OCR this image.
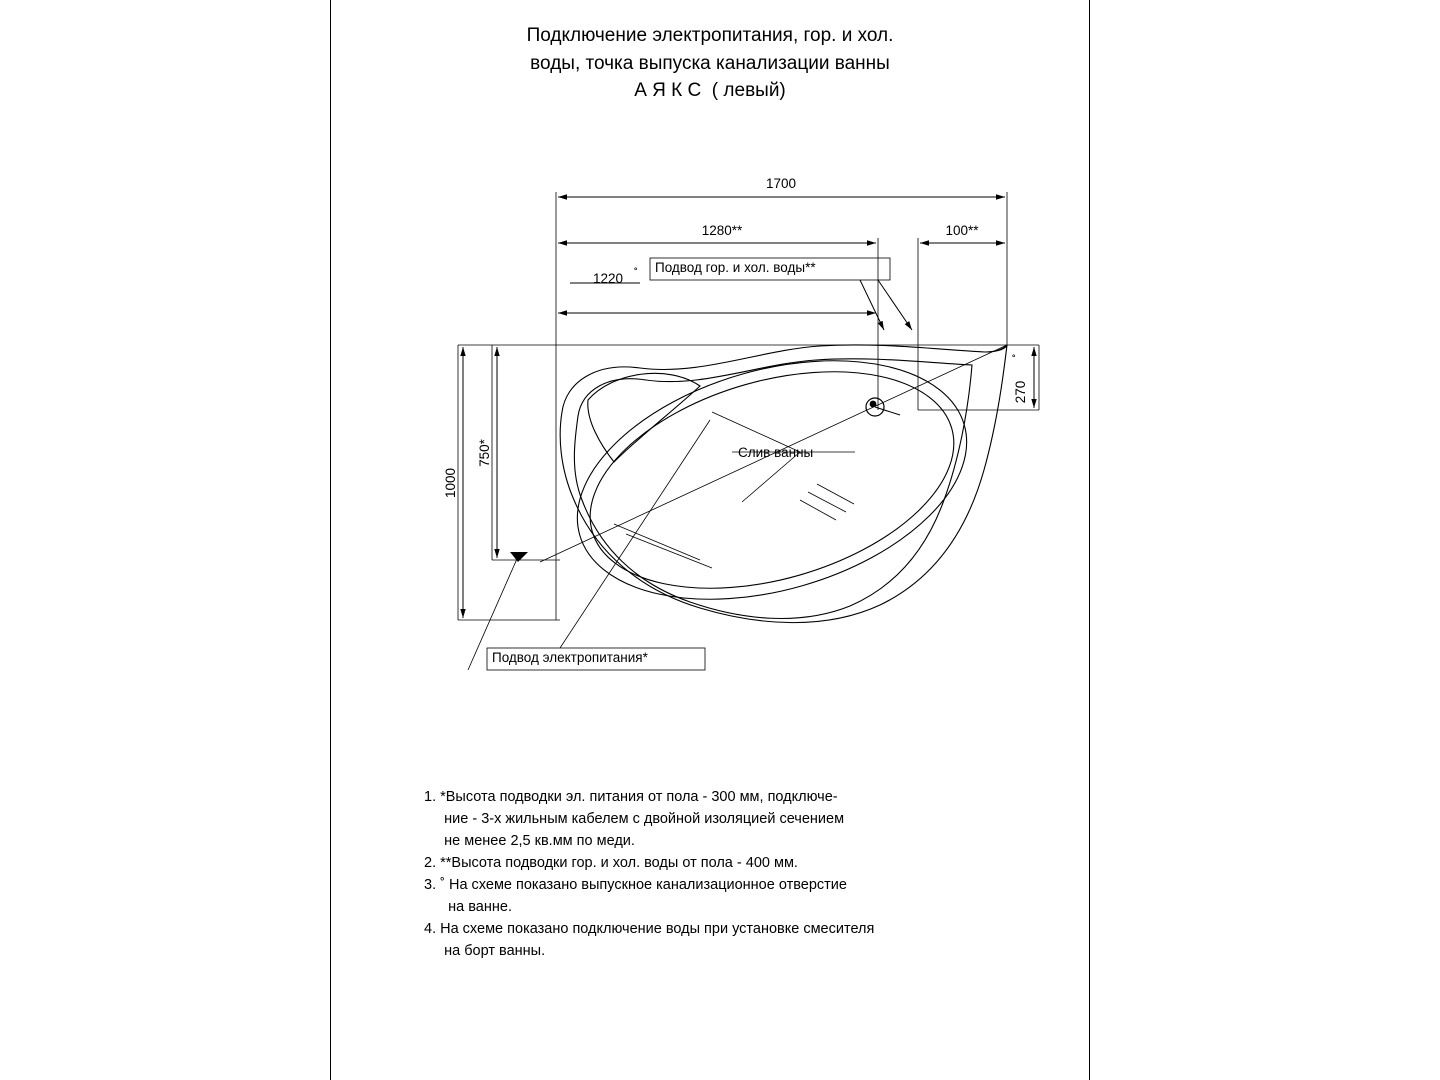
Подключение электропитания, гор. и хол.
воды, точка выпуска канализации ванны
А Я К С  ( левый)
1700
1280**	100**
1220 ˚
1000
750*
270
˚
Слив ванны
Подвод гор. и хол. воды**
Подвод электропитания*
1. *Высота подводки эл. питания от пола - 300 мм, подключе-
ние - 3-х жильным кабелем с двойной изоляцией сечением
не менее 2,5 кв.мм по меди.
2. **Высота подводки гор. и хол. воды от пола - 400 мм.
3. ˚ На схеме показано выпускное канализационное отверстие
на ванне.
4. На схеме показано подключение воды при установке смесителя
на борт ванны.
